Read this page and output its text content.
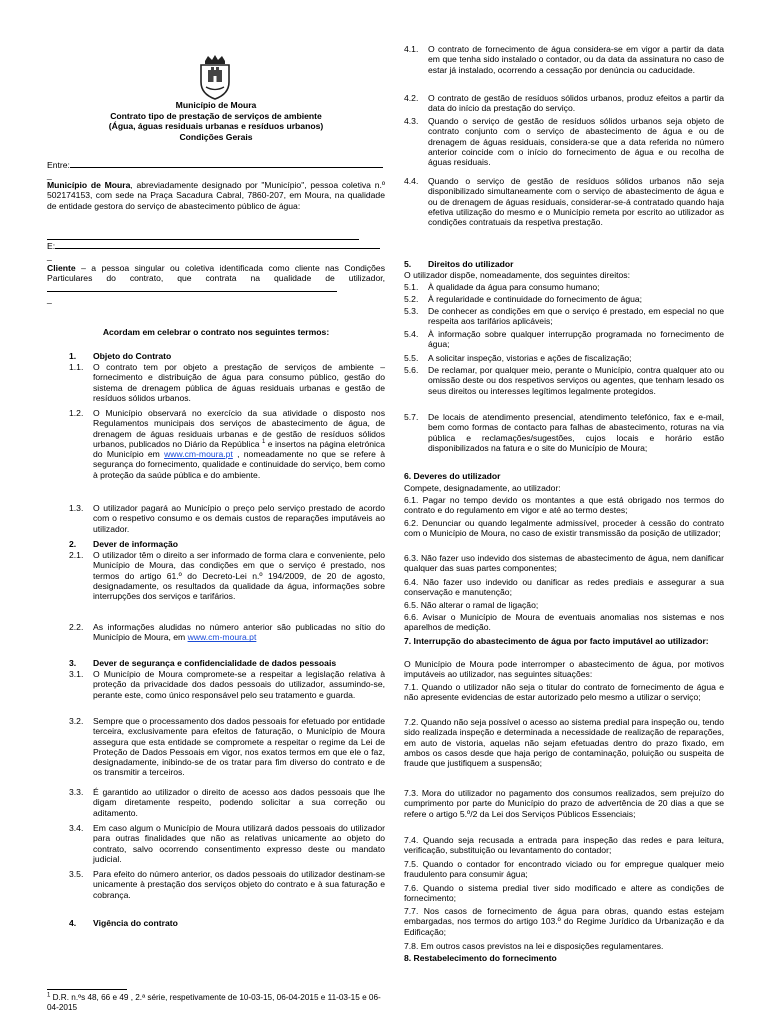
Município de Moura
Contrato tipo de prestação de serviços de ambiente
(Água, águas residuais urbanas e resíduos urbanos)
Condições Gerais
Entre:
_
Município de Moura, abreviadamente designado por "Município", pessoa coletiva n.º 502174153, com sede na Praça Sacadura Cabral, 7860-207, em Moura, na qualidade de entidade gestora do serviço de abastecimento público de água:
E:
_
Cliente – a pessoa singular ou coletiva identificada como cliente nas Condições Particulares do contrato, que contrata na qualidade de utilizador,
_
Acordam em celebrar o contrato nos seguintes termos:
1. Objeto do Contrato
1.1. O contrato tem por objeto a prestação de serviços de ambiente – fornecimento e distribuição de água para consumo público, gestão do sistema de drenagem pública de águas residuais urbanas e gestão de resíduos sólidos urbanos.
1.2. O Município observará no exercício da sua atividade o disposto nos Regulamentos municipais dos serviços de abastecimento de água, de drenagem de águas residuais urbanas e de gestão de resíduos sólidos urbanos, publicados no Diário da República $^1$ e insertos na página eletrónica do Município em www.cm-moura.pt , nomeadamente no que se refere à segurança do fornecimento, qualidade e continuidade do serviço, bem como à proteção da saúde pública e do ambiente.
1.3. O utilizador pagará ao Município o preço pelo serviço prestado de acordo com o respetivo consumo e os demais custos de reparações imputáveis ao utilizador.
2. Dever de informação
2.1. O utilizador têm o direito a ser informado de forma clara e conveniente, pelo Município de Moura, das condições em que o serviço é prestado, nos termos do artigo 61.º do Decreto-Lei n.º 194/2009, de 20 de agosto, designadamente, os resultados da qualidade da água, informações sobre interrupções dos serviços e tarifários.
2.2. As informações aludidas no número anterior são publicadas no sítio do Município de Moura, em www.cm-moura.pt
3. Dever de segurança e confidencialidade de dados pessoais
3.1. O Município de Moura compromete-se a respeitar a legislação relativa à proteção da privacidade dos dados pessoais do utilizador, assumindo-se, perante este, como único responsável pelo seu tratamento e guarda.
3.2. Sempre que o processamento dos dados pessoais for efetuado por entidade terceira, exclusivamente para efeitos de faturação, o Município de Moura assegura que esta entidade se compromete a respeitar o regime da Lei de Proteção de Dados Pessoais em vigor, nos exatos termos em que ele o faz, designadamente, inibindo-se de os tratar para fim diverso do contrato e de os transmitir a terceiros.
3.3. É garantido ao utilizador o direito de acesso aos dados pessoais que lhe digam diretamente respeito, podendo solicitar a sua correção ou aditamento.
3.4. Em caso algum o Município de Moura utilizará dados pessoais do utilizador para outras finalidades que não as relativas unicamente ao objeto do contrato, salvo ocorrendo consentimento expresso deste ou mandato judicial.
3.5. Para efeito do número anterior, os dados pessoais do utilizador destinam-se unicamente à prestação dos serviços objeto do contrato e à sua faturação e cobrança.
4. Vigência do contrato
$^1$ D.R. n.ºs 48, 66 e 49 , 2.ª série, respetivamente de 10-03-15, 06-04-2015 e 11-03-15 e 06-04-2015
4.1. O contrato de fornecimento de água considera-se em vigor a partir da data em que tenha sido instalado o contador, ou da data da assinatura no caso de estar já instalado, ocorrendo a cessação por denúncia ou caducidade.
4.2. O contrato de gestão de resíduos sólidos urbanos, produz efeitos a partir da data do início da prestação do serviço.
4.3. Quando o serviço de gestão de resíduos sólidos urbanos seja objeto de contrato conjunto com o serviço de abastecimento de água e ou de drenagem de águas residuais, considera-se que a data referida no número anterior coincide com o início do fornecimento de água e ou recolha de águas residuais.
4.4. Quando o serviço de gestão de resíduos sólidos urbanos não seja disponibilizado simultaneamente com o serviço de abastecimento de água e ou de drenagem de águas residuais, considerar-se-á contratado quando haja efetiva utilização do mesmo e o Município remeta por escrito ao utilizador as condições contratuais da respetiva prestação.
5. Direitos do utilizador
O utilizador dispõe, nomeadamente, dos seguintes direitos:
5.1. À qualidade da água para consumo humano;
5.2. À regularidade e continuidade do fornecimento de água;
5.3. De conhecer as condições em que o serviço é prestado, em especial no que respeita aos tarifários aplicáveis;
5.4. À informação sobre qualquer interrupção programada no fornecimento de água;
5.5. A solicitar inspeção, vistorias e ações de fiscalização;
5.6. De reclamar, por qualquer meio, perante o Município, contra qualquer ato ou omissão deste ou dos respetivos serviços ou agentes, que tenham lesado os seus direitos ou interesses legítimos legalmente protegidos.
5.7. De locais de atendimento presencial, atendimento telefónico, fax e e-mail, bem como formas de contacto para falhas de abastecimento, roturas na via pública e reclamações/sugestões, cujos locais e horário estão disponibilizados na fatura e o site do Município de Moura;
6. Deveres do utilizador
Compete, designadamente, ao utilizador:
6.1. Pagar no tempo devido os montantes a que está obrigado nos termos do contrato e do regulamento em vigor e até ao termo destes;
6.2. Denunciar ou quando legalmente admissível, proceder à cessão do contrato com o Município de Moura, no caso de existir transmissão da posição de utilizador;
6.3. Não fazer uso indevido dos sistemas de abastecimento de água, nem danificar qualquer das suas partes componentes;
6.4. Não fazer uso indevido ou danificar as redes prediais e assegurar a sua conservação e manutenção;
6.5. Não alterar o ramal de ligação;
6.6. Avisar o Município de Moura de eventuais anomalias nos sistemas e nos aparelhos de medição.
7. Interrupção do abastecimento de água por facto imputável ao utilizador:
O Município de Moura pode interromper o abastecimento de água, por motivos imputáveis ao utilizador, nas seguintes situações:
7.1. Quando o utilizador não seja o titular do contrato de fornecimento de água e não apresente evidencias de estar autorizado pelo mesmo a utilizar o serviço;
7.2. Quando não seja possível o acesso ao sistema predial para inspeção ou, tendo sido realizada inspeção e determinada a necessidade de realização de reparações, em auto de vistoria, aquelas não sejam efetuadas dentro do prazo fixado, em ambos os casos desde que haja perigo de contaminação, poluição ou suspeita de fraude que justifiquem a suspensão;
7.3. Mora do utilizador no pagamento dos consumos realizados, sem prejuízo do cumprimento por parte do Município do prazo de advertência de 20 dias a que se refere o artigo 5.º/2 da Lei dos Serviços Públicos Essenciais;
7.4. Quando seja recusada a entrada para inspeção das redes e para leitura, verificação, substituição ou levantamento do contador;
7.5. Quando o contador for encontrado viciado ou for empregue qualquer meio fraudulento para consumir água;
7.6. Quando o sistema predial tiver sido modificado e altere as condições de fornecimento;
7.7. Nos casos de fornecimento de água para obras, quando estas estejam embargadas, nos termos do artigo 103.º do Regime Jurídico da Urbanização e da Edificação;
7.8. Em outros casos previstos na lei e disposições regulamentares.
8. Restabelecimento do fornecimento
